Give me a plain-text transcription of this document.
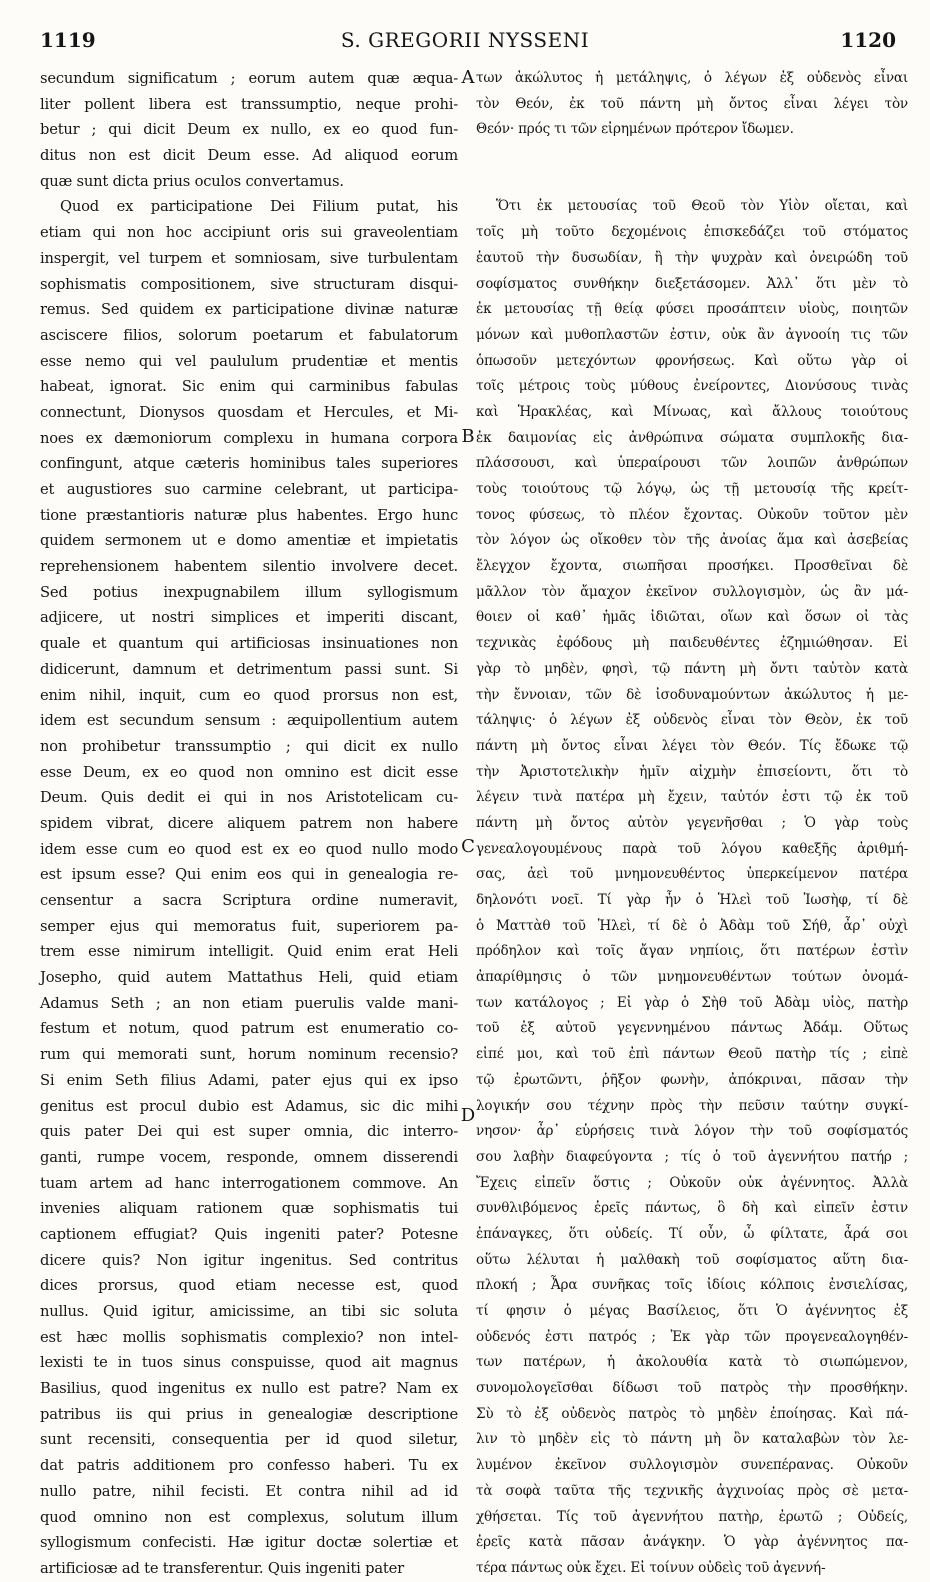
1119	S. GREGORII NYSSENI	1120
A
B
C
D
secundum significatum ; eorum autem quæ æqua-
liter pollent libera est transsumptio, neque prohi-
betur ; qui dicit Deum ex nullo, ex eo quod fun-
ditus non est dicit Deum esse. Ad aliquod eorum
quæ sunt dicta prius oculos convertamus.
Quod ex participatione Dei Filium putat, his
etiam qui non hoc accipiunt oris sui graveolentiam
inspergit, vel turpem et somniosam, sive turbulentam
sophismatis compositionem, sive structuram disqui-
remus. Sed quidem ex participatione divinæ naturæ
asciscere filios, solorum poetarum et fabulatorum
esse nemo qui vel paululum prudentiæ et mentis
habeat, ignorat. Sic enim qui carminibus fabulas
connectunt, Dionysos quosdam et Hercules, et Mi-
noes ex dæmoniorum complexu in humana corpora
confingunt, atque cæteris hominibus tales superiores
et augustiores suo carmine celebrant, ut participa-
tione præstantioris naturæ plus habentes. Ergo hunc
quidem sermonem ut e domo amentiæ et impietatis
reprehensionem habentem silentio involvere decet.
Sed potius inexpugnabilem illum syllogismum
adjicere, ut nostri simplices et imperiti discant,
quale et quantum qui artificiosas insinuationes non
didicerunt, damnum et detrimentum passi sunt. Si
enim nihil, inquit, cum eo quod prorsus non est,
idem est secundum sensum : æquipollentium autem
non prohibetur transsumptio ; qui dicit ex nullo
esse Deum, ex eo quod non omnino est dicit esse
Deum. Quis dedit ei qui in nos Aristotelicam cu-
spidem vibrat, dicere aliquem patrem non habere
idem esse cum eo quod est ex eo quod nullo modo
est ipsum esse? Qui enim eos qui in genealogia re-
censentur a sacra Scriptura ordine numeravit,
semper ejus qui memoratus fuit, superiorem pa-
trem esse nimirum intelligit. Quid enim erat Heli
Josepho, quid autem Mattathus Heli, quid etiam
Adamus Seth ; an non etiam puerulis valde mani-
festum et notum, quod patrum est enumeratio co-
rum qui memorati sunt, horum nominum recensio?
Si enim Seth filius Adami, pater ejus qui ex ipso
genitus est procul dubio est Adamus, sic dic mihi
quis pater Dei qui est super omnia, dic interro-
ganti, rumpe vocem, responde, omnem disserendi
tuam artem ad hanc interrogationem commove. An
invenies aliquam rationem quæ sophismatis tui
captionem effugiat? Quis ingeniti pater? Potesne
dicere quis? Non igitur ingenitus. Sed contritus
dices prorsus, quod etiam necesse est, quod
nullus. Quid igitur, amicissime, an tibi sic soluta
est hæc mollis sophismatis complexio? non intel-
lexisti te in tuos sinus conspuisse, quod ait magnus
Basilius, quod ingenitus ex nullo est patre? Nam ex
patribus iis qui prius in genealogiæ descriptione
sunt recensiti, consequentia per id quod siletur,
dat patris additionem pro confesso haberi. Tu ex
nullo patre, nihil fecisti. Et contra nihil ad id
quod omnino non est complexus, solutum illum
syllogismum confecisti. Hæ igitur doctæ solertiæ et
artificiosæ ad te transferentur. Quis ingeniti pater
των ἀκώλυτος ἡ μετάληψις, ὁ λέγων ἐξ οὐδενὸς εἶναι
τὸν Θεόν, ἐκ τοῦ πάντη μὴ ὄντος εἶναι λέγει τὸν
Θεόν· πρός τι τῶν εἰρημένων πρότερον ἴδωμεν.
Ὅτι ἐκ μετουσίας τοῦ Θεοῦ τὸν Υἱὸν οἴεται, καὶ
τοῖς μὴ τοῦτο δεχομένοις ἐπισκεδάζει τοῦ στόματος
ἑαυτοῦ τὴν δυσωδίαν, ἢ τὴν ψυχρὰν καὶ ὀνειρώδη τοῦ
σοφίσματος συνθήκην διεξετάσομεν. Ἀλλ᾽ ὅτι μὲν τὸ
ἐκ μετουσίας τῇ θείᾳ φύσει προσάπτειν υἱοὺς, ποιητῶν
μόνων καὶ μυθοπλαστῶν ἐστιν, οὐκ ἂν ἀγνοοίη τις τῶν
ὁπωσοῦν μετεχόντων φρονήσεως. Καὶ οὕτω γὰρ οἱ
τοῖς μέτροις τοὺς μύθους ἐνείροντες, Διονύσους τινὰς
καὶ Ἡρακλέας, καὶ Μίνωας, καὶ ἄλλους τοιούτους
ἐκ δαιμονίας εἰς ἀνθρώπινα σώματα συμπλοκῆς δια-
πλάσσουσι, καὶ ὑπεραίρουσι τῶν λοιπῶν ἀνθρώπων
τοὺς τοιούτους τῷ λόγῳ, ὡς τῇ μετουσίᾳ τῆς κρείτ-
τονος φύσεως, τὸ πλέον ἔχοντας. Οὐκοῦν τοῦτον μὲν
τὸν λόγον ὡς οἴκοθεν τὸν τῆς ἀνοίας ἅμα καὶ ἀσεβείας
ἔλεγχον ἔχοντα, σιωπῆσαι προσήκει. Προσθεῖναι δὲ
μᾶλλον τὸν ἄμαχον ἐκεῖνον συλλογισμὸν, ὡς ἂν μά-
θοιεν οἱ καθ᾽ ἡμᾶς ἰδιῶται, οἵων καὶ ὅσων οἱ τὰς
τεχνικὰς ἐφόδους μὴ παιδευθέντες ἐζημιώθησαν. Εἰ
γὰρ τὸ μηδὲν, φησὶ, τῷ πάντη μὴ ὄντι ταὐτὸν κατὰ
τὴν ἔννοιαν, τῶν δὲ ἰσοδυναμούντων ἀκώλυτος ἡ με-
τάληψις· ὁ λέγων ἐξ οὐδενὸς εἶναι τὸν Θεὸν, ἐκ τοῦ
πάντη μὴ ὄντος εἶναι λέγει τὸν Θεόν. Τίς ἔδωκε τῷ
τὴν Ἀριστοτελικὴν ἡμῖν αἰχμὴν ἐπισείοντι, ὅτι τὸ
λέγειν τινὰ πατέρα μὴ ἔχειν, ταὐτόν ἐστι τῷ ἐκ τοῦ
πάντη μὴ ὄντος αὐτὸν γεγενῆσθαι ; Ὁ γὰρ τοὺς
γενεαλογουμένους παρὰ τοῦ λόγου καθεξῆς ἀριθμή-
σας, ἀεὶ τοῦ μνημονευθέντος ὑπερκείμενον πατέρα
δηλονότι νοεῖ. Τί γὰρ ἦν ὁ Ἡλεὶ τοῦ Ἰωσὴφ, τί δὲ
ὁ Ματτὰθ τοῦ Ἡλεὶ, τί δὲ ὁ Ἀδὰμ τοῦ Σήθ, ἆρ᾽ οὐχὶ
πρόδηλον καὶ τοῖς ἄγαν νηπίοις, ὅτι πατέρων ἐστὶν
ἀπαρίθμησις ὁ τῶν μνημονευθέντων τούτων ὀνομά-
των κατάλογος ; Εἰ γὰρ ὁ Σὴθ τοῦ Ἀδὰμ υἱὸς, πατὴρ
τοῦ ἐξ αὐτοῦ γεγεννημένου πάντως Ἀδάμ. Οὕτως
εἰπέ μοι, καὶ τοῦ ἐπὶ πάντων Θεοῦ πατὴρ τίς ; εἰπὲ
τῷ ἐρωτῶντι, ῥῆξον φωνὴν, ἀπόκριναι, πᾶσαν τὴν
λογικήν σου τέχνην πρὸς τὴν πεῦσιν ταύτην συγκί-
νησον· ἆρ᾽ εὑρήσεις τινὰ λόγον τὴν τοῦ σοφίσματός
σου λαβὴν διαφεύγοντα ; τίς ὁ τοῦ ἀγεννήτου πατήρ ;
Ἔχεις εἰπεῖν ὅστις ; Οὐκοῦν οὐκ ἀγέννητος. Ἀλλὰ
συνθλιβόμενος ἐρεῖς πάντως, ὃ δὴ καὶ εἰπεῖν ἐστιν
ἐπάναγκες, ὅτι οὐδείς. Τί οὖν, ὦ φίλτατε, ἆρά σοι
οὕτω λέλυται ἡ μαλθακὴ τοῦ σοφίσματος αὕτη δια-
πλοκή ; Ἆρα συνῆκας τοῖς ἰδίοις κόλποις ἐνσιελίσας,
τί φησιν ὁ μέγας Βασίλειος, ὅτι Ὁ ἀγέννητος ἐξ
οὐδενός ἐστι πατρός ; Ἐκ γὰρ τῶν προγενεαλογηθέν-
των πατέρων, ἡ ἀκολουθία κατὰ τὸ σιωπώμενον,
συνομολογεῖσθαι δίδωσι τοῦ πατρὸς τὴν προσθήκην.
Σὺ τὸ ἐξ οὐδενὸς πατρὸς τὸ μηδὲν ἐποίησας. Καὶ πά-
λιν τὸ μηδὲν εἰς τὸ πάντη μὴ ὂν καταλαβὼν τὸν λε-
λυμένον ἐκεῖνον συλλογισμὸν συνεπέρανας. Οὐκοῦν
τὰ σοφὰ ταῦτα τῆς τεχνικῆς ἀγχινοίας πρὸς σὲ μετα-
χθήσεται. Τίς τοῦ ἀγεννήτου πατὴρ, ἐρωτῶ ; Οὐδείς,
ἐρεῖς κατὰ πᾶσαν ἀνάγκην. Ὁ γὰρ ἀγέννητος πα-
τέρα πάντως οὐκ ἔχει. Εἰ τοίνυν οὐδεὶς τοῦ ἀγεννή-
